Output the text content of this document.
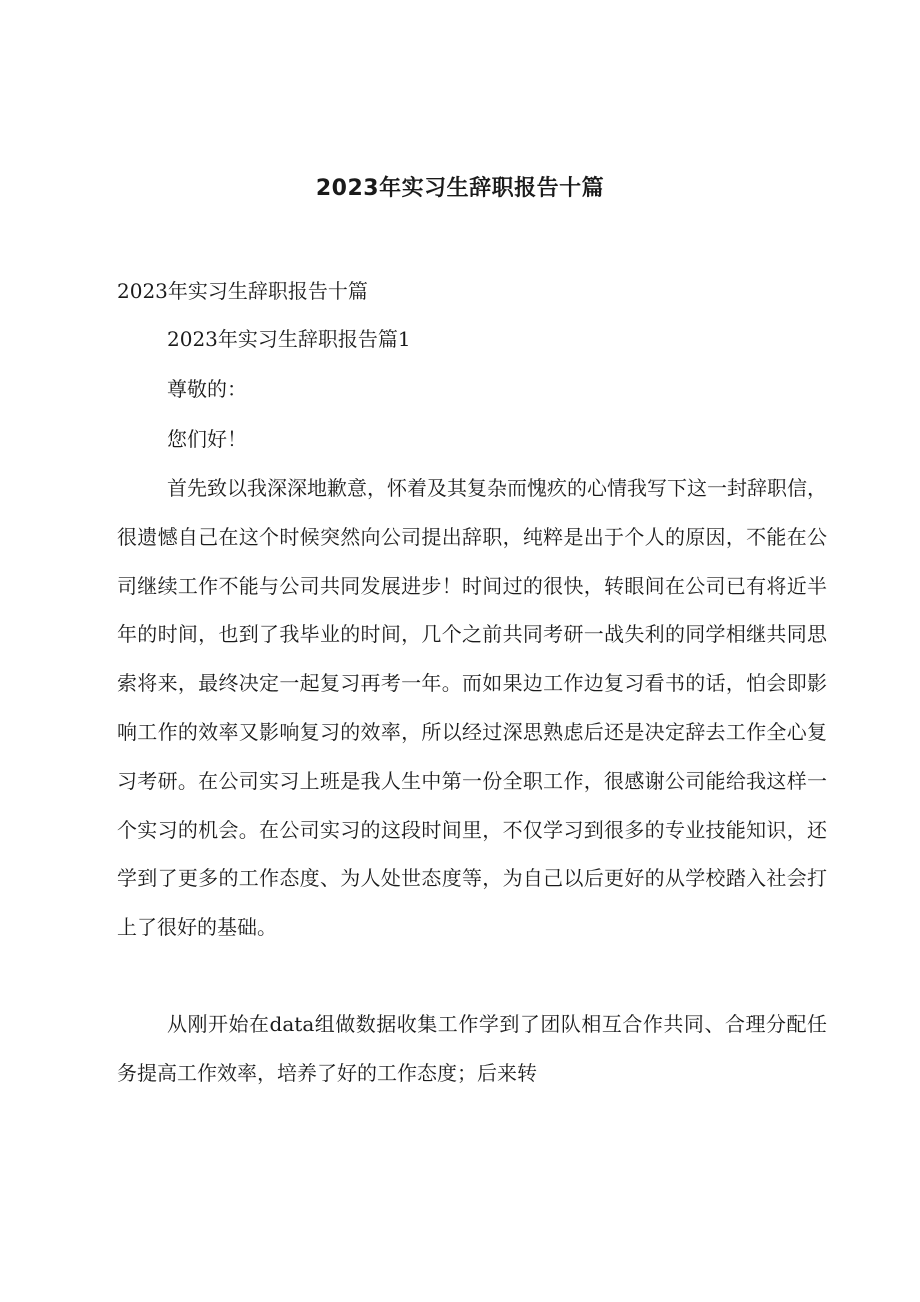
2023年实习生辞职报告十篇
2023年实习生辞职报告十篇
2023年实习生辞职报告篇1
尊敬的：
您们好！

首先致以我深深地歉意，怀着及其复杂而愧疚的心情我写下这一封辞职信，很遗憾自己在这个时候突然向公司提出辞职，纯粹是出于个人的原因，不能在公司继续工作不能与公司共同发展进步！时间过的很快，转眼间在公司已有将近半年的时间，也到了我毕业的时间，几个之前共同考研一战失利的同学相继共同思索将来，最终决定一起复习再考一年。而如果边工作边复习看书的话，怕会即影响工作的效率又影响复习的效率，所以经过深思熟虑后还是决定辞去工作全心复习考研。在公司实习上班是我人生中第一份全职工作，很感谢公司能给我这样一个实习的机会。在公司实习的这段时间里，不仅学习到很多的专业技能知识，还学到了更多的工作态度、为人处世态度等，为自己以后更好的从学校踏入社会打上了很好的基础。

从刚开始在data组做数据收集工作学到了团队相互合作共同、合理分配任务提高工作效率，培养了好的工作态度；后来转
